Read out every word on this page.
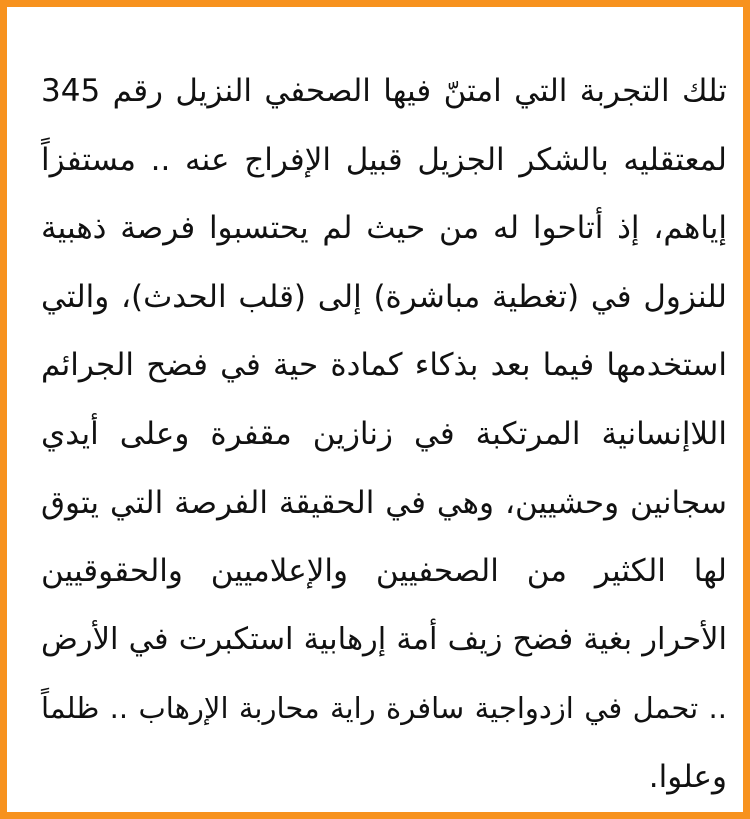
تلك التجربة التي امتنّ فيها الصحفي النزيل رقم 345
لمعتقليه بالشكر الجزيل قبيل الإفراج عنه .. مستفزاً
إياهم، إذ أتاحوا له من حيث لم يحتسبوا فرصة ذهبية
للنزول في (تغطية مباشرة) إلى (قلب الحدث)، والتي
استخدمها فيما بعد بذكاء كمادة حية في فضح الجرائم
اللاإنسانية المرتكبة في زنازين مقفرة وعلى أيدي
سجانين وحشيين، وهي في الحقيقة الفرصة التي يتوق
لها الكثير من الصحفيين والإعلاميين والحقوقيين
الأحرار بغية فضح زيف أمة إرهابية استكبرت في الأرض
.. تحمل في ازدواجية سافرة راية محاربة الإرهاب .. ظلماً
وعلوا.
